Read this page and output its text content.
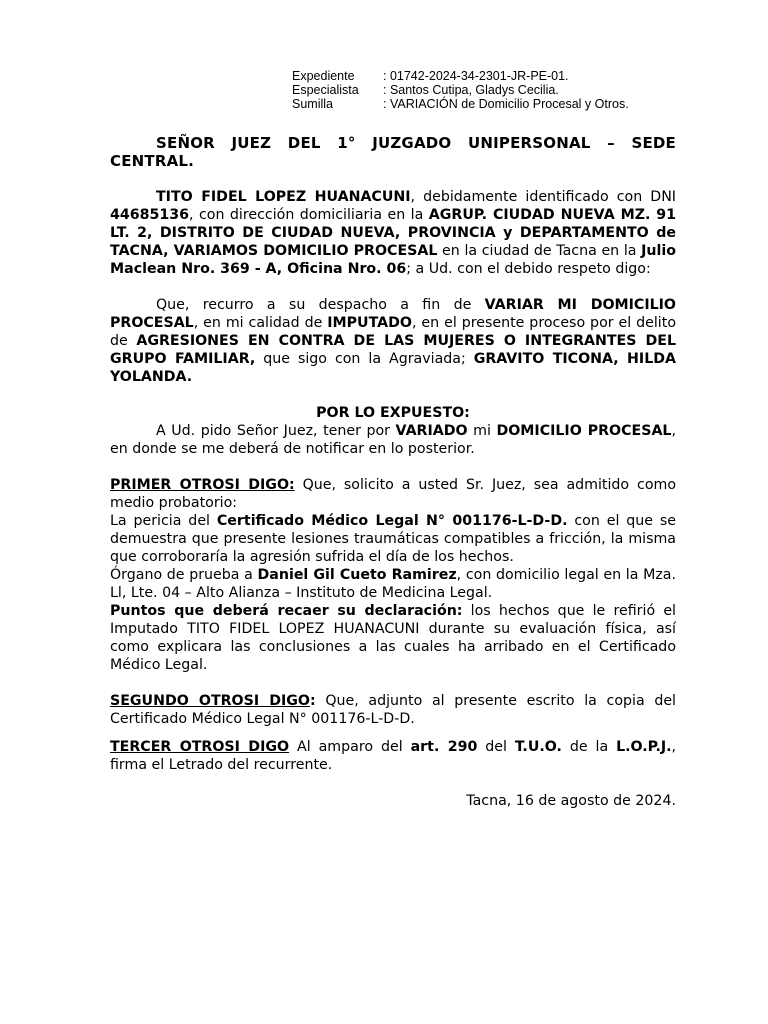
Expediente	: 01742-2024-34-2301-JR-PE-01.
Especialista	: Santos Cutipa, Gladys Cecilia.
Sumilla	: VARIACIÓN de Domicilio Procesal y Otros.

SEÑOR JUEZ DEL 1° JUZGADO UNIPERSONAL – SEDE CENTRAL.

TITO FIDEL LOPEZ HUANACUNI, debidamente identificado con DNI 44685136, con dirección domiciliaria en la AGRUP. CIUDAD NUEVA MZ. 91 LT. 2, DISTRITO DE CIUDAD NUEVA, PROVINCIA y DEPARTAMENTO de TACNA, VARIAMOS DOMICILIO PROCESAL en la ciudad de Tacna en la Julio Maclean Nro. 369 - A, Oficina Nro. 06; a Ud. con el debido respeto digo:

Que, recurro a su despacho a fin de VARIAR MI DOMICILIO PROCESAL, en mi calidad de IMPUTADO, en el presente proceso por el delito de AGRESIONES EN CONTRA DE LAS MUJERES O INTEGRANTES DEL GRUPO FAMILIAR, que sigo con la Agraviada; GRAVITO TICONA, HILDA YOLANDA.

POR LO EXPUESTO:

A Ud. pido Señor Juez, tener por VARIADO mi DOMICILIO PROCESAL, en donde se me deberá de notificar en lo posterior.

PRIMER OTROSI DIGO: Que, solicito a usted Sr. Juez, sea admitido como medio probatorio:

La pericia del Certificado Médico Legal N° 001176-L-D-D. con el que se demuestra que presente lesiones traumáticas compatibles a fricción, la misma que corroboraría la agresión sufrida el día de los hechos.

Órgano de prueba a Daniel Gil Cueto Ramirez, con domicilio legal en la Mza. Ll, Lte. 04 – Alto Alianza – Instituto de Medicina Legal.

Puntos que deberá recaer su declaración: los hechos que le refirió el Imputado TITO FIDEL LOPEZ HUANACUNI durante su evaluación física, así como explicara las conclusiones a las cuales ha arribado en el Certificado Médico Legal.

SEGUNDO OTROSI DIGO: Que, adjunto al presente escrito la copia del Certificado Médico Legal N° 001176-L-D-D.

TERCER OTROSI DIGO Al amparo del art. 290 del T.U.O. de la L.O.P.J., firma el Letrado del recurrente.

Tacna, 16 de agosto de 2024.
